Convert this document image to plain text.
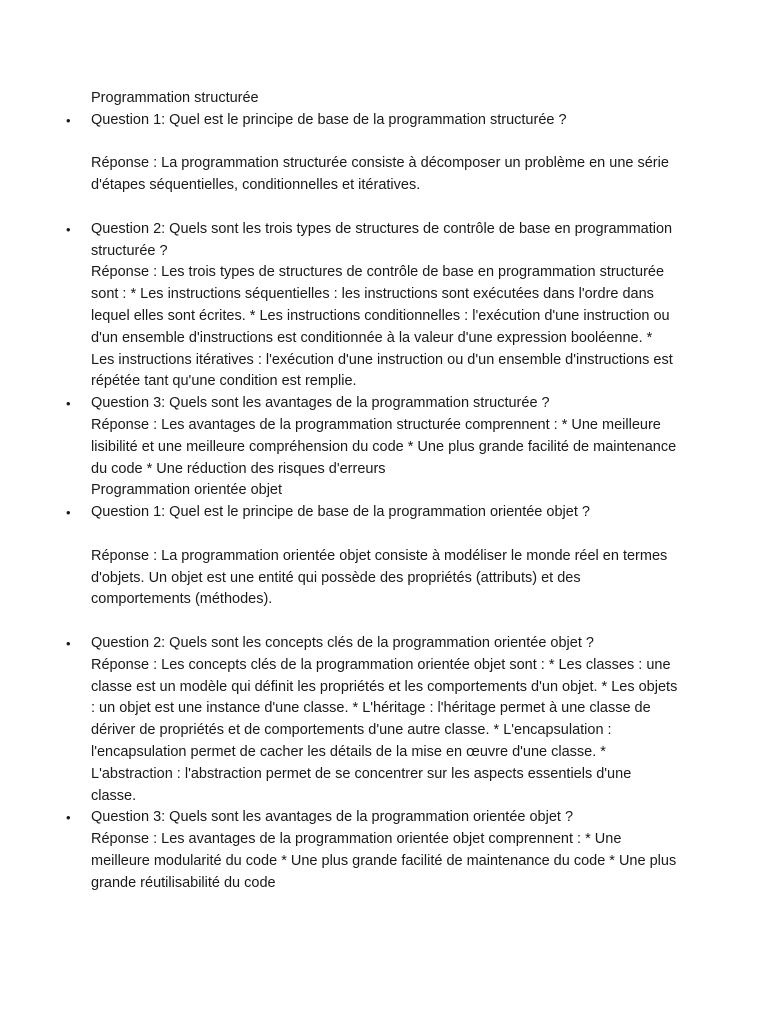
Programmation structurée

•	Question 1: Quel est le principe de base de la programmation structurée ?

Réponse : La programmation structurée consiste à décomposer un problème en une série d'étapes séquentielles, conditionnelles et itératives.

•	Question 2: Quels sont les trois types de structures de contrôle de base en programmation structurée ?

Réponse : Les trois types de structures de contrôle de base en programmation structurée sont : * Les instructions séquentielles : les instructions sont exécutées dans l'ordre dans lequel elles sont écrites. * Les instructions conditionnelles : l'exécution d'une instruction ou d'un ensemble d'instructions est conditionnée à la valeur d'une expression booléenne. * Les instructions itératives : l'exécution d'une instruction ou d'un ensemble d'instructions est répétée tant qu'une condition est remplie.

•	Question 3: Quels sont les avantages de la programmation structurée ?

Réponse : Les avantages de la programmation structurée comprennent : * Une meilleure lisibilité et une meilleure compréhension du code * Une plus grande facilité de maintenance du code * Une réduction des risques d'erreurs

Programmation orientée objet

•	Question 1: Quel est le principe de base de la programmation orientée objet ?

Réponse : La programmation orientée objet consiste à modéliser le monde réel en termes d'objets. Un objet est une entité qui possède des propriétés (attributs) et des comportements (méthodes).

•	Question 2: Quels sont les concepts clés de la programmation orientée objet ?

Réponse : Les concepts clés de la programmation orientée objet sont : * Les classes : une classe est un modèle qui définit les propriétés et les comportements d'un objet. * Les objets : un objet est une instance d'une classe. * L'héritage : l'héritage permet à une classe de dériver de propriétés et de comportements d'une autre classe. * L'encapsulation : l'encapsulation permet de cacher les détails de la mise en œuvre d'une classe. * L'abstraction : l'abstraction permet de se concentrer sur les aspects essentiels d'une classe.

•	Question 3: Quels sont les avantages de la programmation orientée objet ?

Réponse : Les avantages de la programmation orientée objet comprennent : * Une meilleure modularité du code * Une plus grande facilité de maintenance du code * Une plus grande réutilisabilité du code
